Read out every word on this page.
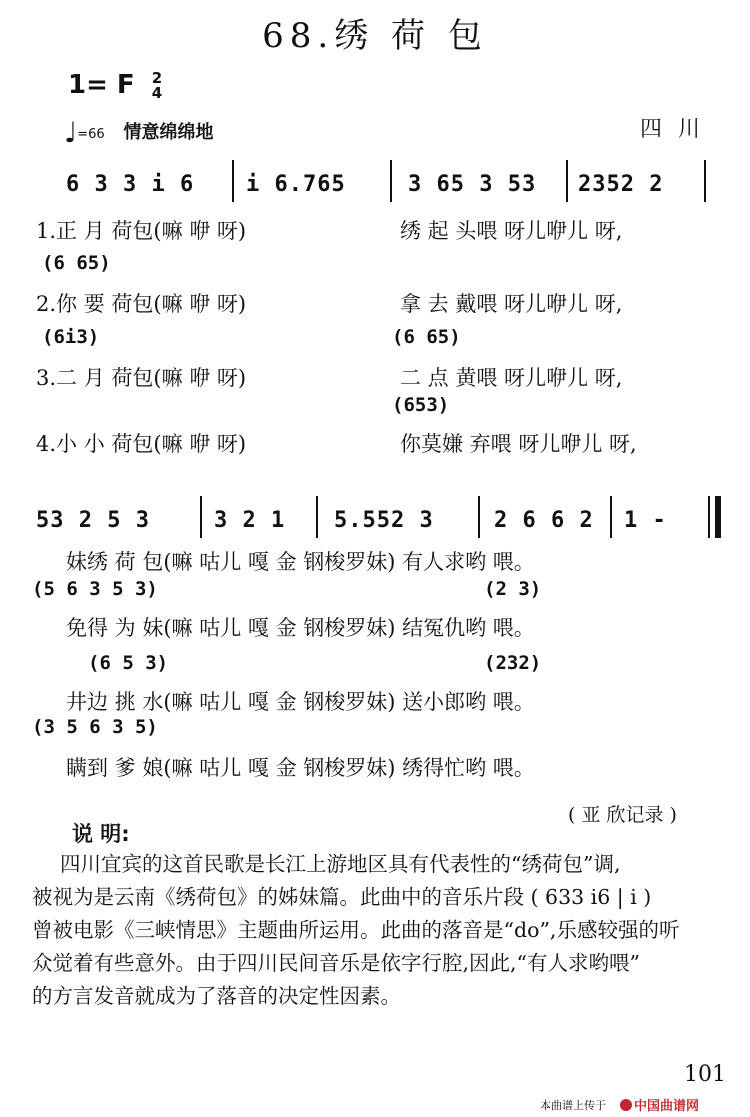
68.绣 荷 包
1= F 2
4
♩=66 情意绵绵地	四川
6 3 3 i 6 i 6.765	3 65 3 53 2352 2
1.正 月 荷包(嘛 咿 呀)	绣 起 头喂 呀儿咿儿 呀,
(6 65)
2.你 要 荷包(嘛 咿 呀)	拿 去 戴喂 呀儿咿儿 呀,
(6i3)	(6 65)
3.二 月 荷包(嘛 咿 呀)	二 点 黄喂 呀儿咿儿 呀,
(653)
4.小 小 荷包(嘛 咿 呀)	你莫嫌 弃喂 呀儿咿儿 呀,
53 2 5 3	3 2 1 5.552 3	2 6 6 2 1 -
妹绣 荷 包(嘛 咕儿 嘎 金 钢梭罗妹) 有人求哟 喂。
(5 6 3 5 3)	(2 3)
免得 为 妹(嘛 咕儿 嘎 金 钢梭罗妹) 结冤仇哟 喂。
(6 5 3)	(232)
井边 挑 水(嘛 咕儿 嘎 金 钢梭罗妹) 送小郎哟 喂。
(3 5 6 3 5)
瞒到 爹 娘(嘛 咕儿 嘎 金 钢梭罗妹) 绣得忙哟 喂。
( 亚 欣记录 )
说 明:
四川宜宾的这首民歌是长江上游地区具有代表性的“绣荷包”调,
被视为是云南《绣荷包》的姊妹篇。此曲中的音乐片段 ( 633 i6 | i )
曾被电影《三峡情思》主题曲所运用。此曲的落音是“do”,乐感较强的听
众觉着有些意外。由于四川民间音乐是依字行腔,因此,“有人求哟喂”
的方言发音就成为了落音的决定性因素。
101
本曲谱上传于	中国曲谱网
